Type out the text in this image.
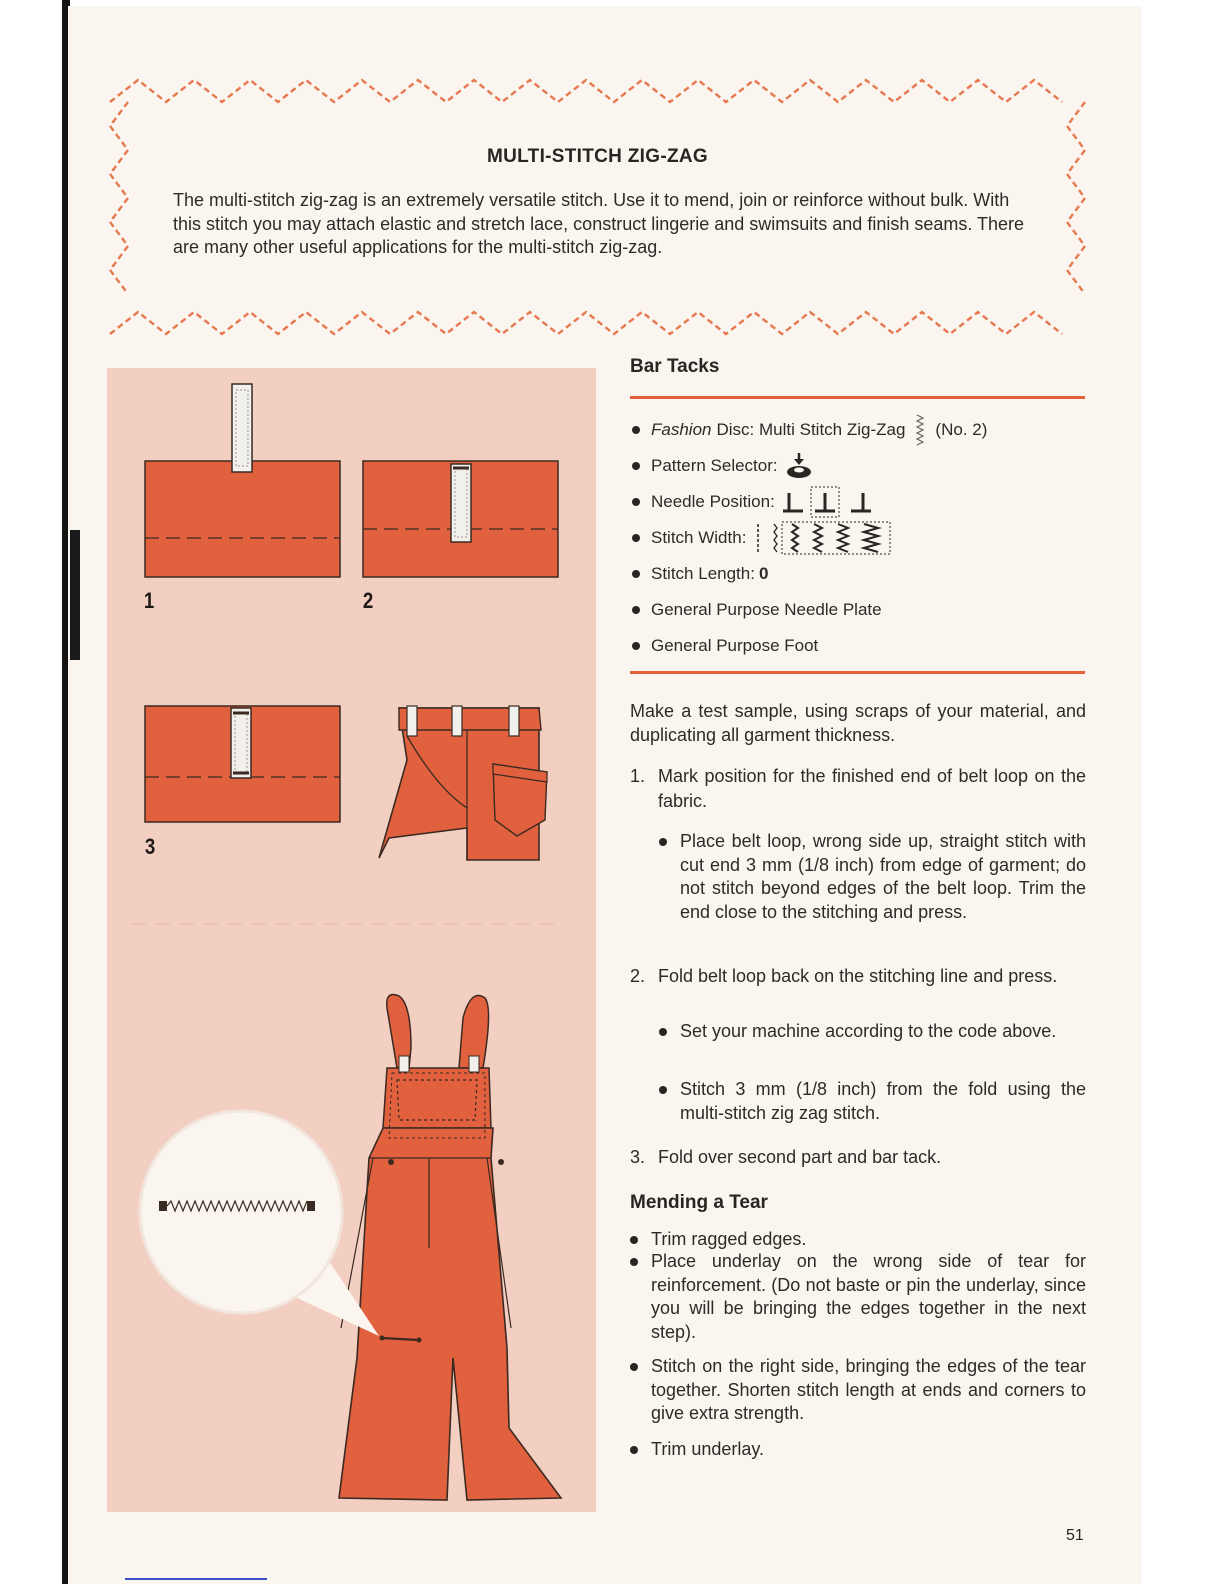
MULTI-STITCH ZIG-ZAG
The multi-stitch zig-zag is an extremely versatile stitch. Use it to mend, join or reinforce without bulk. With this stitch you may attach elastic and stretch lace, construct lingerie and swimsuits and finish seams. There are many other useful applications for the multi-stitch zig-zag.
1	2
3
Bar Tacks
Fashion Disc: Multi Stitch Zig-Zag (No. 2)
Pattern Selector:
Needle Position:
Stitch Width:
Stitch Length: 0
General Purpose Needle Plate
General Purpose Foot
Make a test sample, using scraps of your material, and duplicating all garment thickness.
1. Mark position for the finished end of belt loop on the fabric.
Place belt loop, wrong side up, straight stitch with cut end 3 mm (1/8 inch) from edge of garment; do not stitch beyond edges of the belt loop. Trim the end close to the stitching and press.
2. Fold belt loop back on the stitching line and press.
Set your machine according to the code above.
Stitch 3 mm (1/8 inch) from the fold using the multi-stitch zig zag stitch.
3. Fold over second part and bar tack.
Mending a Tear
Trim ragged edges.
Place underlay on the wrong side of tear for reinforcement. (Do not baste or pin the underlay, since you will be bringing the edges together in the next step).
Stitch on the right side, bringing the edges of the tear together. Shorten stitch length at ends and corners to give extra strength.
Trim underlay.
51
